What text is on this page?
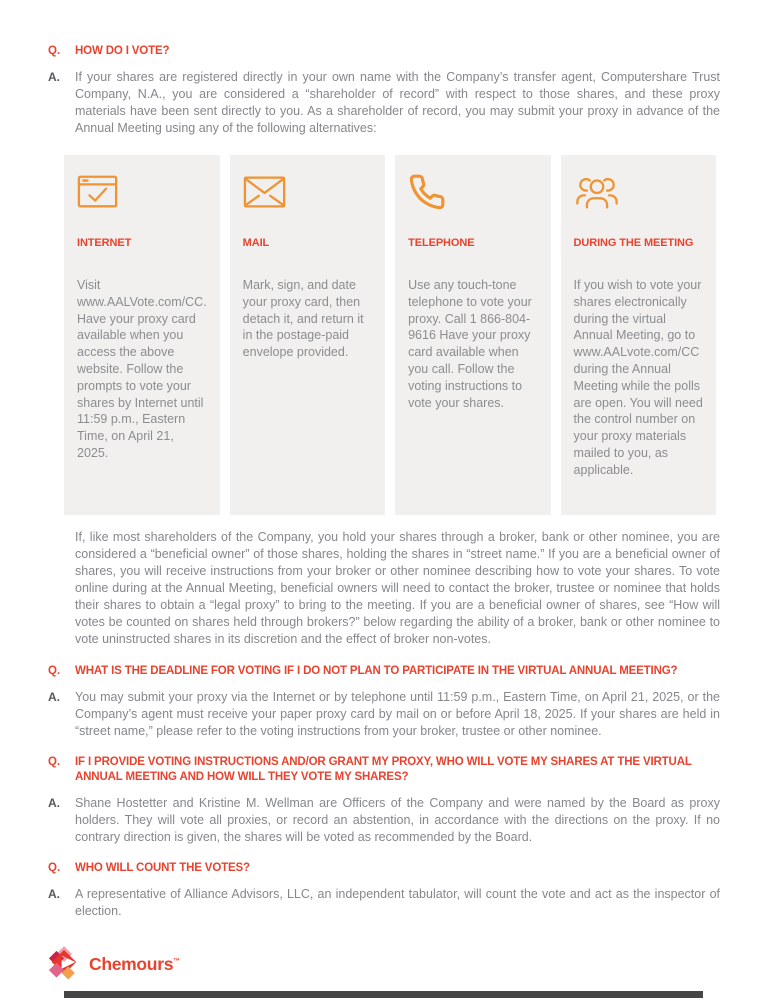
Q.	HOW DO I VOTE?
A.	If your shares are registered directly in your own name with the Company’s transfer agent, Computershare Trust Company, N.A., you are considered a “shareholder of record” with respect to those shares, and these proxy materials have been sent directly to you. As a shareholder of record, you may submit your proxy in advance of the Annual Meeting using any of the following alternatives:

INTERNET
Visit www.AALVote.com/CC. Have your proxy card available when you access the above website. Follow the prompts to vote your shares by Internet until 11:59 p.m., Eastern Time, on April 21, 2025.
MAIL
Mark, sign, and date your proxy card, then detach it, and return it in the postage-paid envelope provided.
TELEPHONE
Use any touch-tone telephone to vote your proxy. Call 1 866-804- 9616 Have your proxy card available when you call. Follow the voting instructions to vote your shares.
DURING THE MEETING
If you wish to vote your shares electronically during the virtual Annual Meeting, go to www.AALvote.com/CC during the Annual Meeting while the polls are open. You will need the control number on your proxy materials mailed to you, as applicable.

If, like most shareholders of the Company, you hold your shares through a broker, bank or other nominee, you are considered a “beneficial owner” of those shares, holding the shares in “street name.” If you are a beneficial owner of shares, you will receive instructions from your broker or other nominee describing how to vote your shares. To vote online during at the Annual Meeting, beneficial owners will need to contact the broker, trustee or nominee that holds their shares to obtain a “legal proxy” to bring to the meeting. If you are a beneficial owner of shares, see “How will votes be counted on shares held through brokers?” below regarding the ability of a broker, bank or other nominee to vote uninstructed shares in its discretion and the effect of broker non-votes.

Q.	WHAT IS THE DEADLINE FOR VOTING IF I DO NOT PLAN TO PARTICIPATE IN THE VIRTUAL ANNUAL MEETING?
A.	You may submit your proxy via the Internet or by telephone until 11:59 p.m., Eastern Time, on April 21, 2025, or the Company’s agent must receive your paper proxy card by mail on or before April 18, 2025. If your shares are held in “street name,” please refer to the voting instructions from your broker, trustee or other nominee.

Q.	IF I PROVIDE VOTING INSTRUCTIONS AND/OR GRANT MY PROXY, WHO WILL VOTE MY SHARES AT THE VIRTUAL ANNUAL MEETING AND HOW WILL THEY VOTE MY SHARES?
A.	Shane Hostetter and Kristine M. Wellman are Officers of the Company and were named by the Board as proxy holders. They will vote all proxies, or record an abstention, in accordance with the directions on the proxy. If no contrary direction is given, the shares will be voted as recommended by the Board.

Q.	WHO WILL COUNT THE VOTES?
A.	A representative of Alliance Advisors, LLC, an independent tabulator, will count the vote and act as the inspector of election.

Chemours™
